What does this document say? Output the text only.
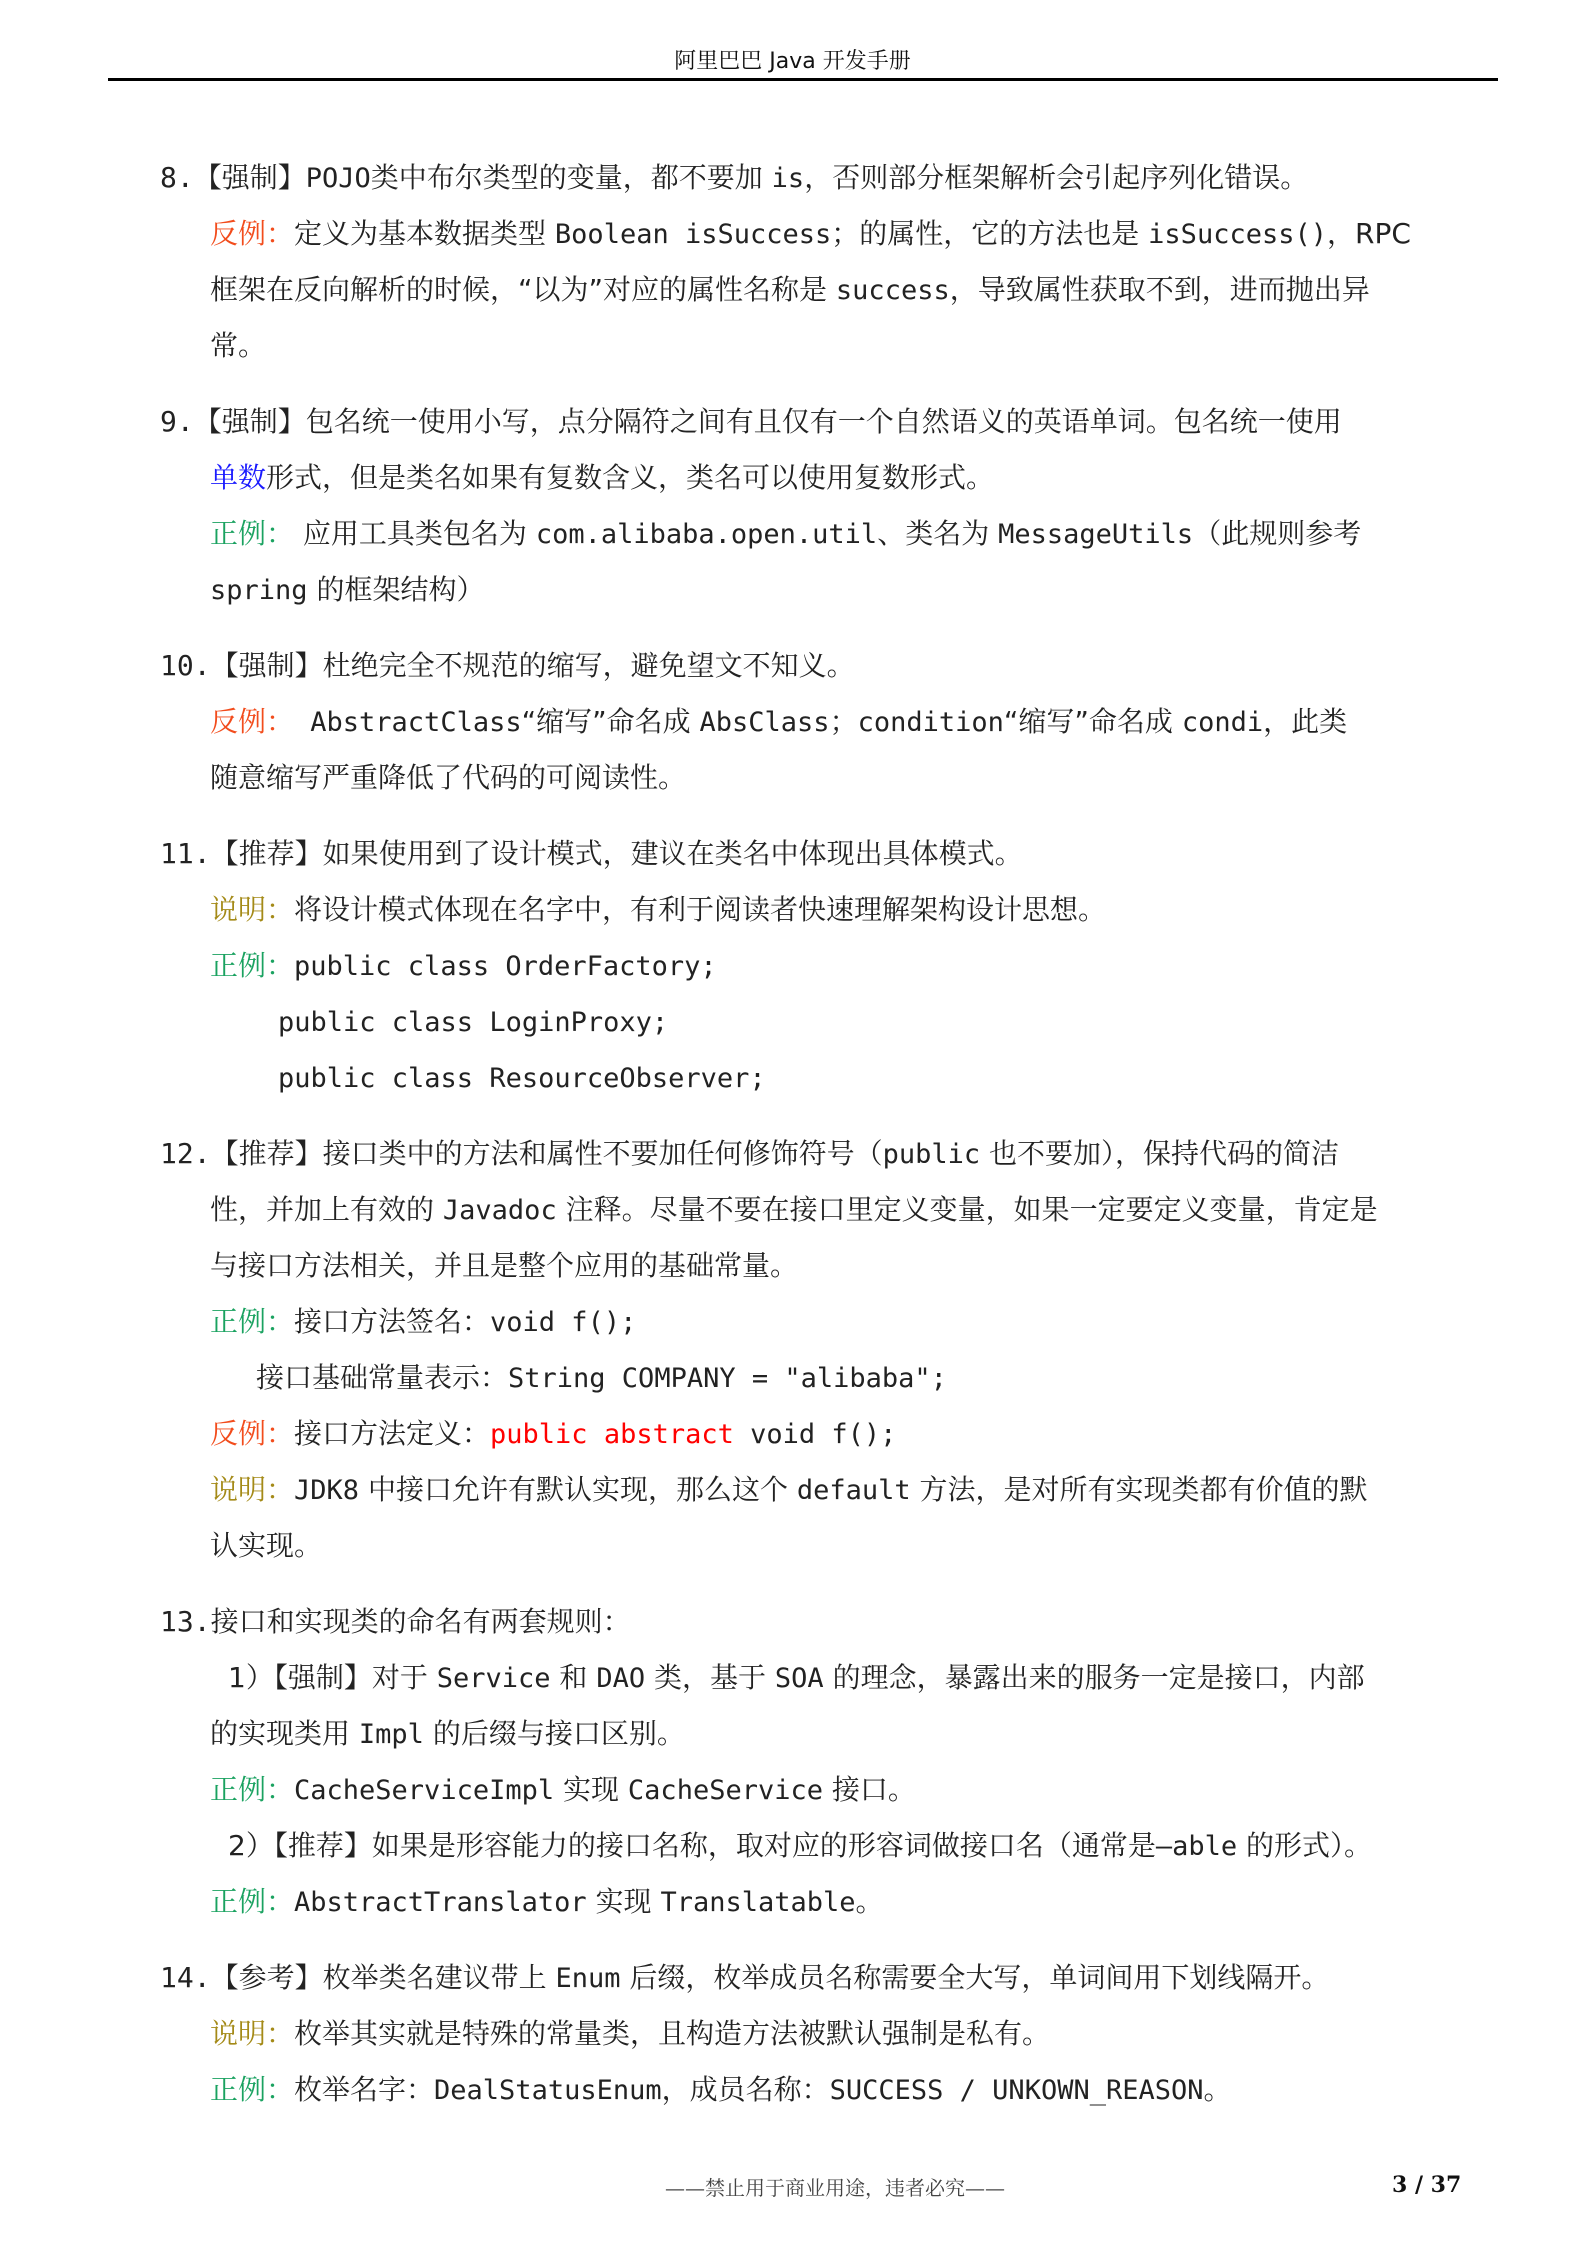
阿里巴巴 Java 开发手册
8.【强制】POJO类中布尔类型的变量，都不要加 is，否则部分框架解析会引起序列化错误。
反例：定义为基本数据类型 Boolean isSuccess；的属性，它的方法也是 isSuccess()，RPC
框架在反向解析的时候，“以为”对应的属性名称是 success，导致属性获取不到，进而抛出异
常。
9.【强制】包名统一使用小写，点分隔符之间有且仅有一个自然语义的英语单词。包名统一使用
单数形式，但是类名如果有复数含义，类名可以使用复数形式。
正例： 应用工具类包名为 com.alibaba.open.util、类名为 MessageUtils（此规则参考
spring 的框架结构）
10.【强制】杜绝完全不规范的缩写，避免望文不知义。
反例： AbstractClass“缩写”命名成 AbsClass；condition“缩写”命名成 condi，此类
随意缩写严重降低了代码的可阅读性。
11.【推荐】如果使用到了设计模式，建议在类名中体现出具体模式。
说明：将设计模式体现在名字中，有利于阅读者快速理解架构设计思想。
正例：public class OrderFactory;
public class LoginProxy;
public class ResourceObserver;
12.【推荐】接口类中的方法和属性不要加任何修饰符号（public 也不要加），保持代码的简洁
性，并加上有效的 Javadoc 注释。尽量不要在接口里定义变量，如果一定要定义变量，肯定是
与接口方法相关，并且是整个应用的基础常量。
正例：接口方法签名：void f();
接口基础常量表示：String COMPANY = "alibaba";
反例：接口方法定义：public abstract void f();
说明：JDK8 中接口允许有默认实现，那么这个 default 方法，是对所有实现类都有价值的默
认实现。
13.接口和实现类的命名有两套规则：
1）【强制】对于 Service 和 DAO 类，基于 SOA 的理念，暴露出来的服务一定是接口，内部
的实现类用 Impl 的后缀与接口区别。
正例：CacheServiceImpl 实现 CacheService 接口。
2）【推荐】如果是形容能力的接口名称，取对应的形容词做接口名（通常是–able 的形式）。
正例：AbstractTranslator 实现 Translatable。
14.【参考】枚举类名建议带上 Enum 后缀，枚举成员名称需要全大写，单词间用下划线隔开。
说明：枚举其实就是特殊的常量类，且构造方法被默认强制是私有。
正例：枚举名字：DealStatusEnum，成员名称：SUCCESS / UNKOWN_REASON。
——禁止用于商业用途，违者必究——	3 / 37
